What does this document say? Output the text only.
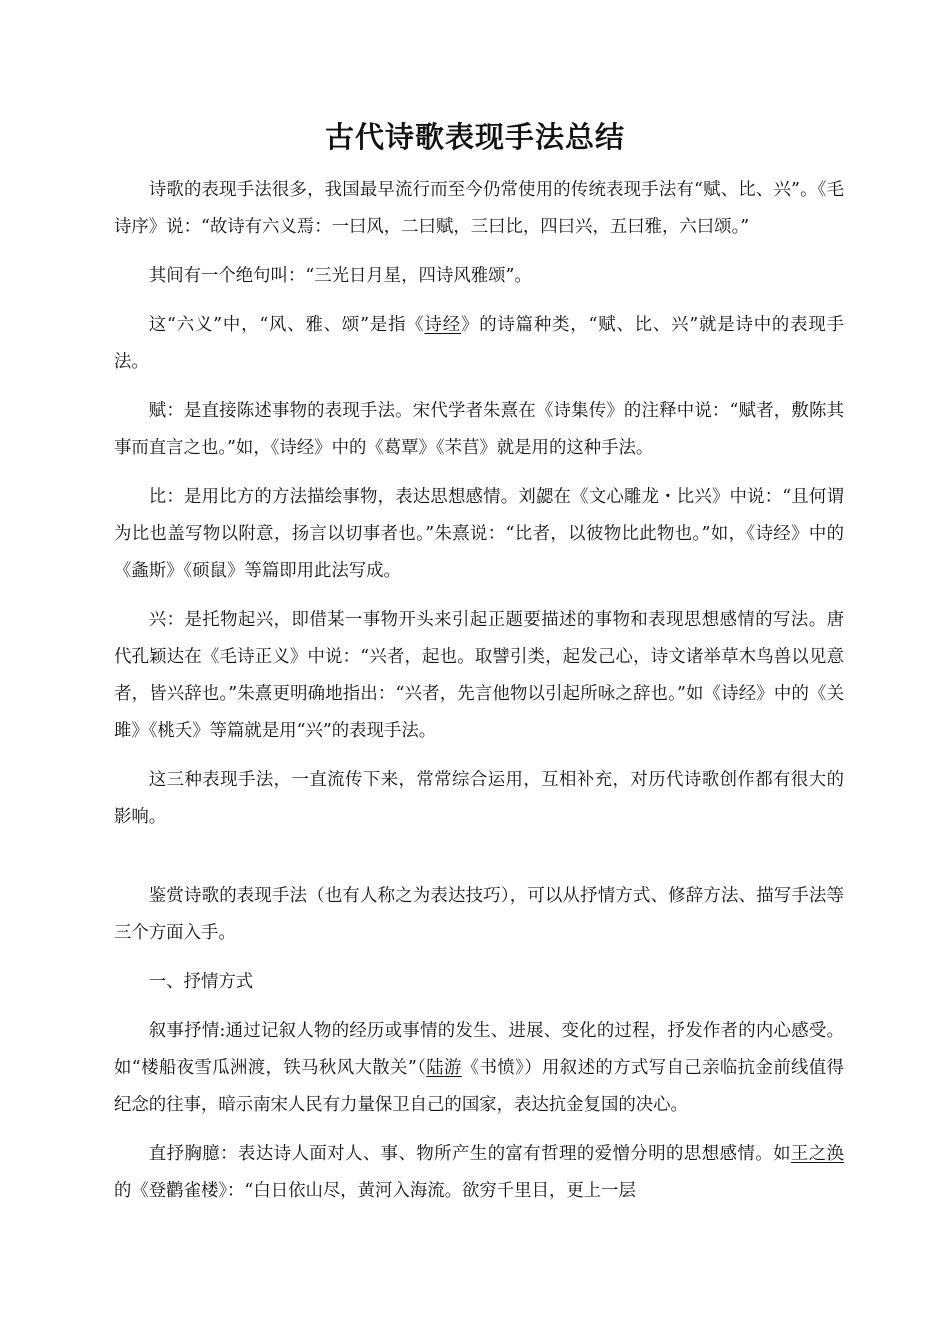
古代诗歌表现手法总结

诗歌的表现手法很多，我国最早流行而至今仍常使用的传统表现手法有“赋、比、兴”。《毛诗序》说：“故诗有六义焉：一曰风，二曰赋，三曰比，四曰兴，五曰雅，六曰颂。”

其间有一个绝句叫：“三光日月星，四诗风雅颂”。

这“六义”中，“风、雅、颂”是指《诗经》的诗篇种类，“赋、比、兴”就是诗中的表现手法。

赋：是直接陈述事物的表现手法。宋代学者朱熹在《诗集传》的注释中说：“赋者，敷陈其事而直言之也。”如，《诗经》中的《葛覃》《芣苢》就是用的这种手法。

比：是用比方的方法描绘事物，表达思想感情。刘勰在《文心雕龙・比兴》中说：“且何谓为比也盖写物以附意，扬言以切事者也。”朱熹说：“比者，以彼物比此物也。”如，《诗经》中的《螽斯》《硕鼠》等篇即用此法写成。

兴：是托物起兴，即借某一事物开头来引起正题要描述的事物和表现思想感情的写法。唐代孔颖达在《毛诗正义》中说：“兴者，起也。取譬引类，起发己心，诗文诸举草木鸟兽以见意者，皆兴辞也。”朱熹更明确地指出：“兴者，先言他物以引起所咏之辞也。”如《诗经》中的《关雎》《桃夭》等篇就是用“兴”的表现手法。

这三种表现手法，一直流传下来，常常综合运用，互相补充，对历代诗歌创作都有很大的影响。

鉴赏诗歌的表现手法（也有人称之为表达技巧），可以从抒情方式、修辞方法、描写手法等三个方面入手。

一、抒情方式

叙事抒情:通过记叙人物的经历或事情的发生、进展、变化的过程，抒发作者的内心感受。如“楼船夜雪瓜洲渡，铁马秋风大散关”（陆游《书愤》）用叙述的方式写自己亲临抗金前线值得纪念的往事，暗示南宋人民有力量保卫自己的国家，表达抗金复国的决心。

直抒胸臆：表达诗人面对人、事、物所产生的富有哲理的爱憎分明的思想感情。如王之涣的《登鹳雀楼》：“白日依山尽，黄河入海流。欲穷千里目，更上一层
